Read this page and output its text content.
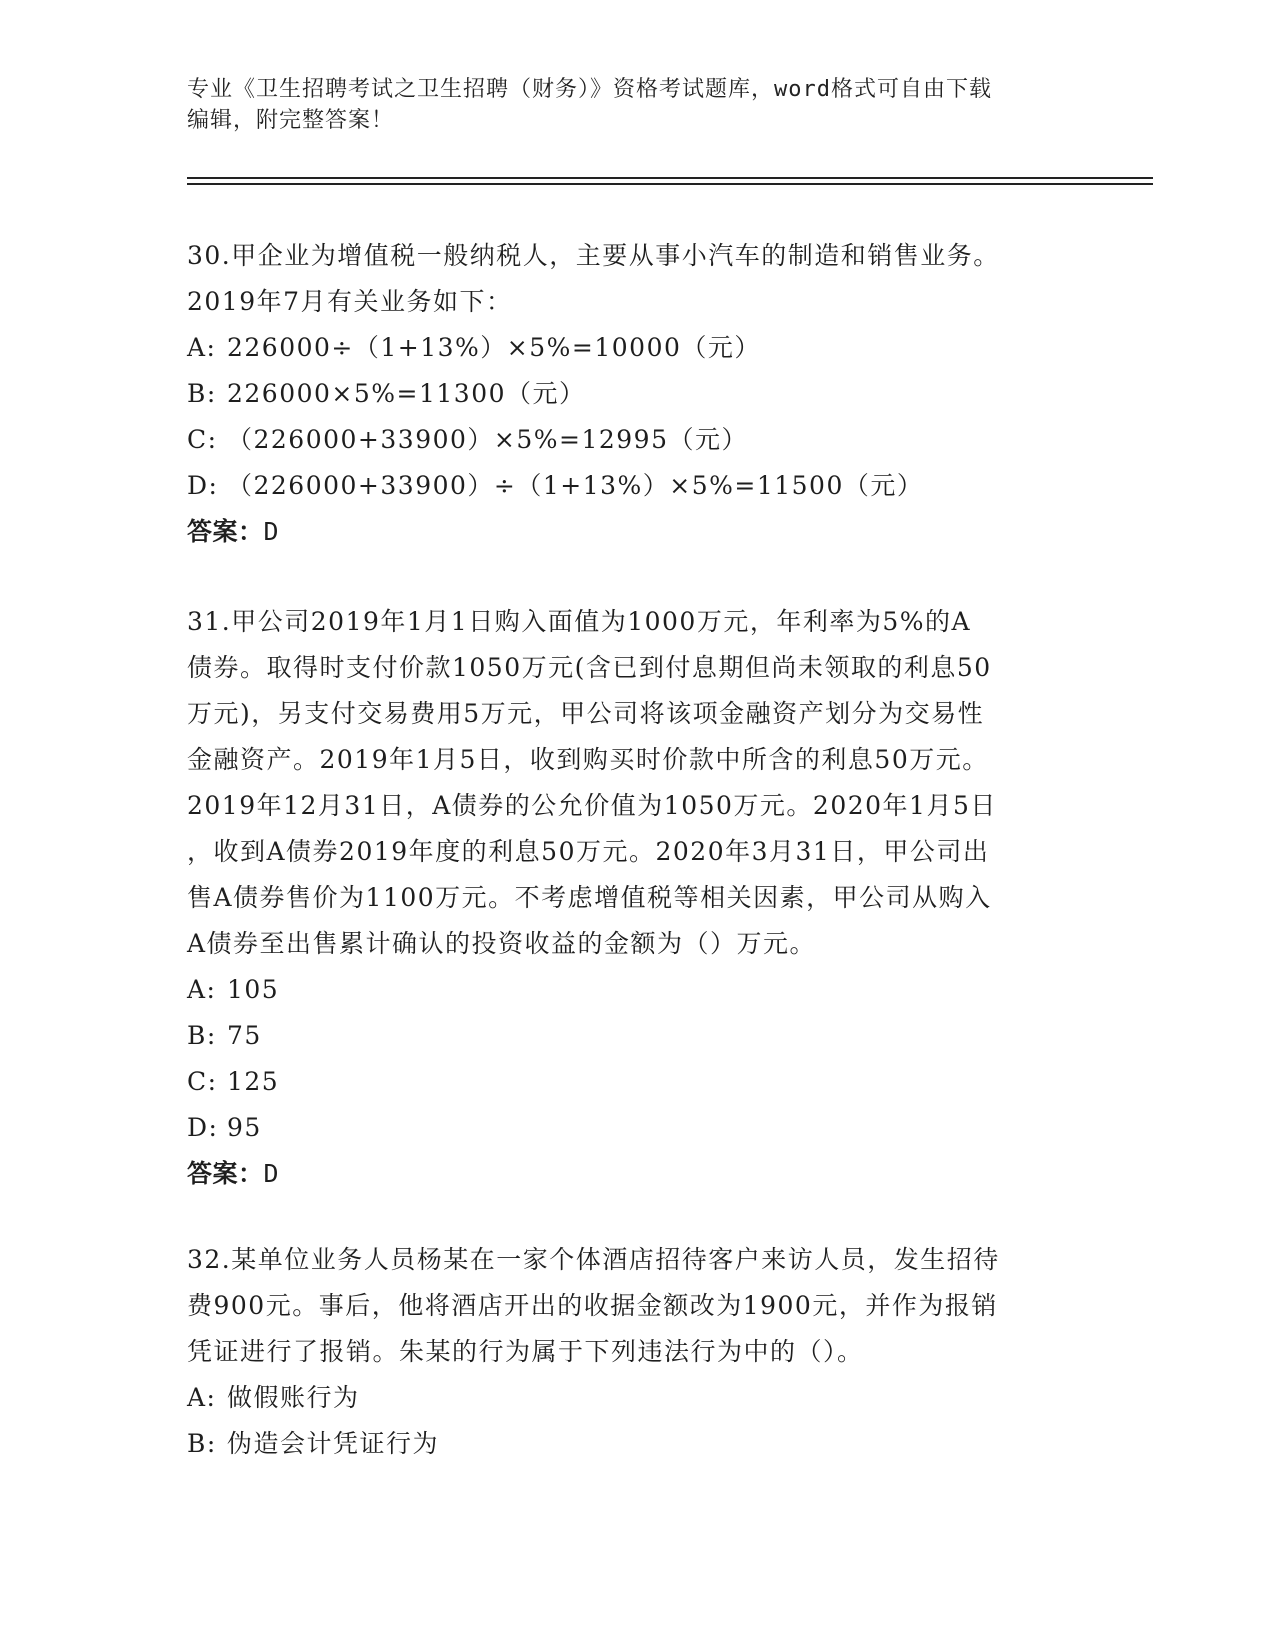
专业《卫生招聘考试之卫生招聘（财务）》资格考试题库，word格式可自由下载
编辑，附完整答案！
30.甲企业为增值税一般纳税人，主要从事小汽车的制造和销售业务。
2019年7月有关业务如下：
A: 226000÷（1+13%）×5%=10000（元）
B: 226000×5%=11300（元）
C: （226000+33900）×5%=12995（元）
D: （226000+33900）÷（1+13%）×5%=11500（元）
答案：D
31.甲公司2019年1月1日购入面值为1000万元，年利率为5%的A
债券。取得时支付价款1050万元(含已到付息期但尚未领取的利息50
万元)，另支付交易费用5万元，甲公司将该项金融资产划分为交易性
金融资产。2019年1月5日，收到购买时价款中所含的利息50万元。
2019年12月31日，A债券的公允价值为1050万元。2020年1月5日
，收到A债券2019年度的利息50万元。2020年3月31日，甲公司出
售A债券售价为1100万元。不考虑增值税等相关因素，甲公司从购入
A债券至出售累计确认的投资收益的金额为（）万元。
A: 105
B: 75
C: 125
D: 95
答案：D
32.某单位业务人员杨某在一家个体酒店招待客户来访人员，发生招待
费900元。事后，他将酒店开出的收据金额改为1900元，并作为报销
凭证进行了报销。朱某的行为属于下列违法行为中的（）。
A: 做假账行为
B: 伪造会计凭证行为
